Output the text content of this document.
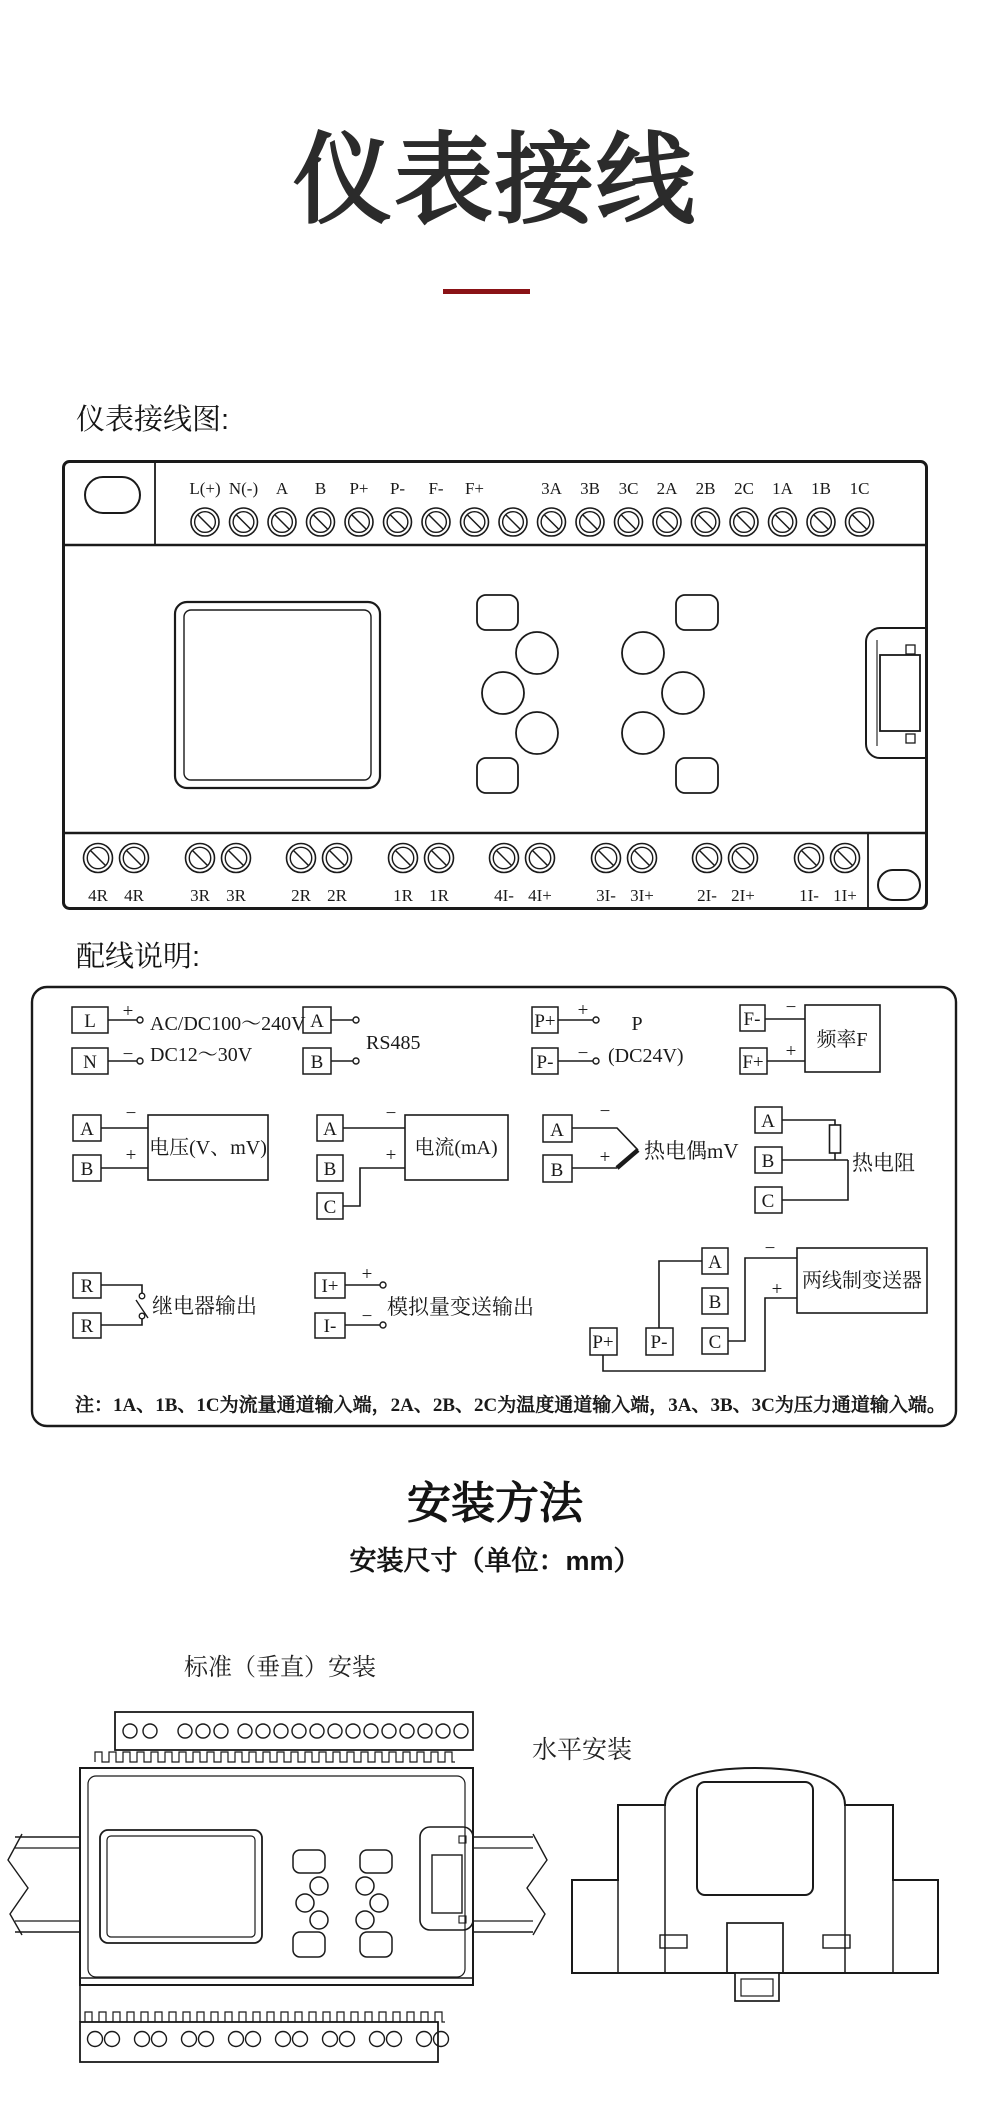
仪表接线
仪表接线图:
配线说明:
L(+) N(-) A B P+ P- F- F+	3A 3B 3C 2A 2B 2C 1A 1B 1C
4R 4R	3R 3R	2R 2R	1R 1R	4I- 4I+	3I- 3I+	2I- 2I+	1I- 1I+
L
N
+
−
AC/DC100～240V
DC12～30V
A
B
RS485
P+
P-
+
−
P
(DC24V)
F-
F+
−
+
频率F
A
B
−
+ 电压(V、mV)
A
B
C
−
+ 电流(mA)
A
B
−
+ 热电偶mV
A
B
C
热电阻
R
R
继电器输出
I+
I-
+
− 模拟量变送输出
P+ P-
A
B
C
−
+ 两线制变送器
注：1A、1B、1C为流量通道输入端，2A、2B、2C为温度通道输入端，3A、3B、3C为压力通道输入端。
安装方法
安装尺寸（单位：mm）
标准（垂直）安装
水平安装
